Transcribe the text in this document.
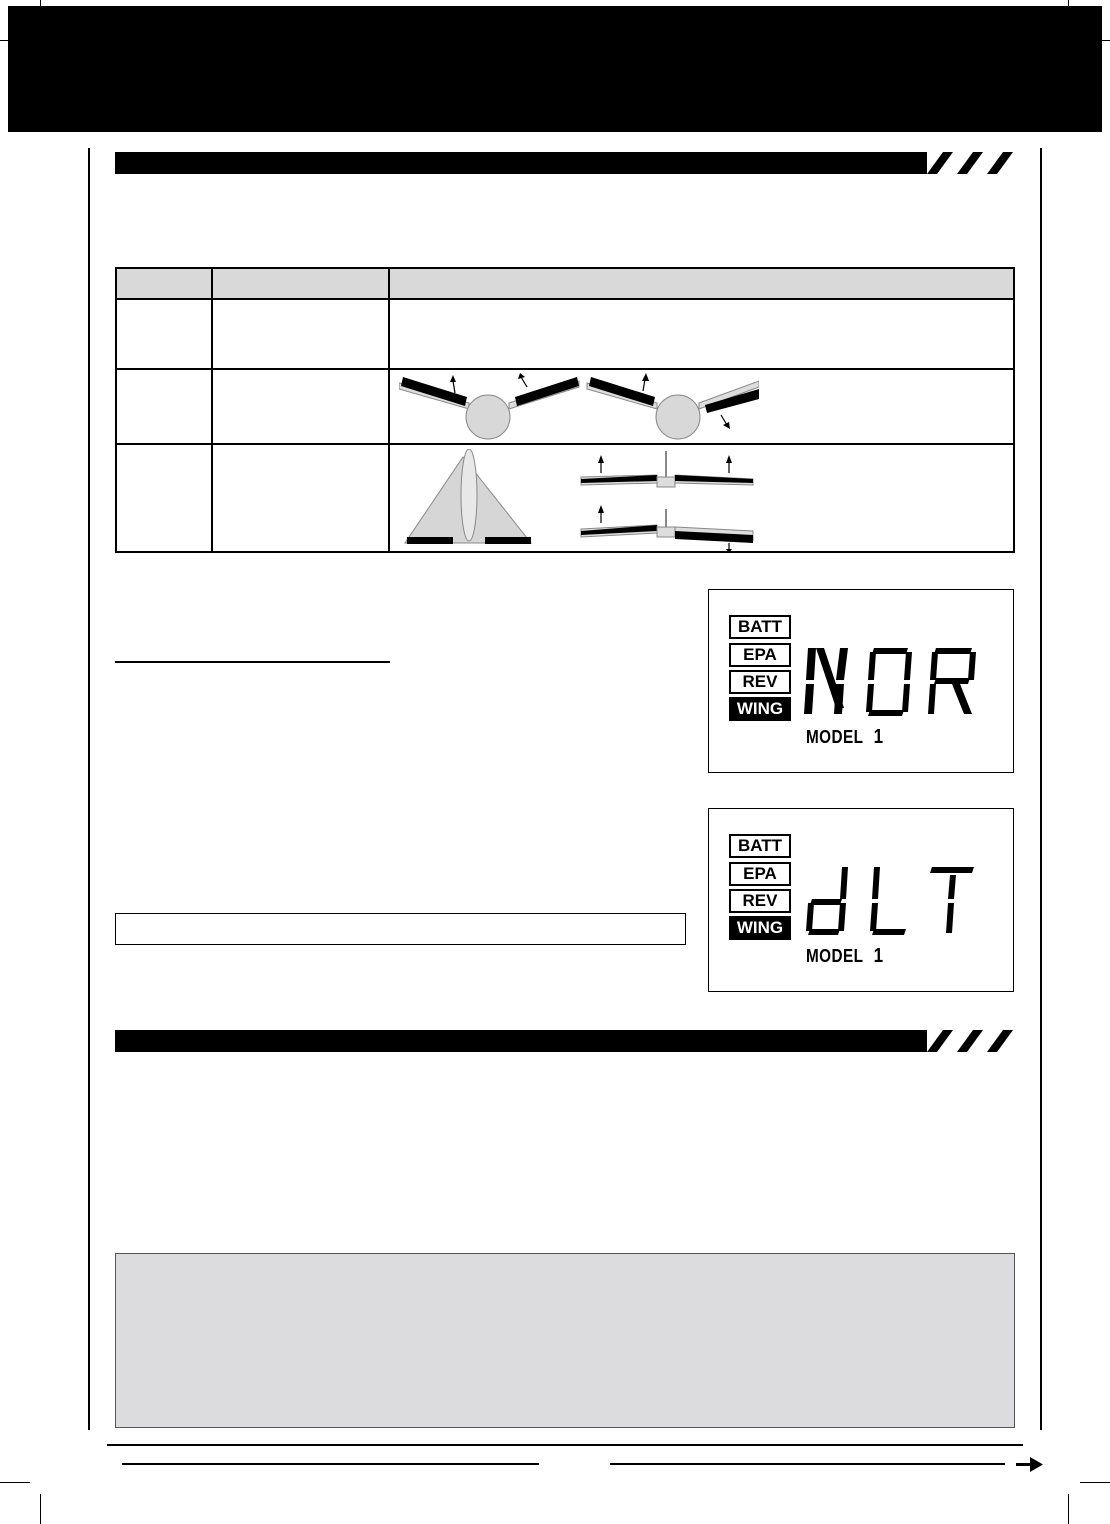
BATT
EPA
REV
WING
MODEL 1
BATT
EPA
REV
WING
MODEL 1
